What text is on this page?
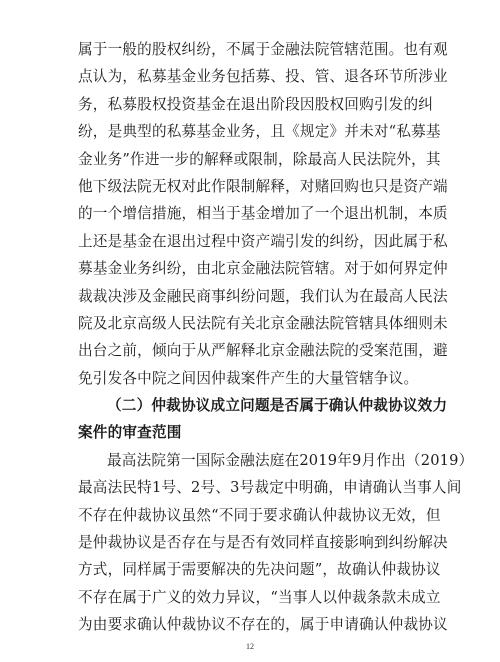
属于一般的股权纠纷，不属于金融法院管辖范围。也有观
点认为，私募基金业务包括募、投、管、退各环节所涉业
务，私募股权投资基金在退出阶段因股权回购引发的纠
纷，是典型的私募基金业务，且《规定》并未对“私募基
金业务”作进一步的解释或限制，除最高人民法院外，其
他下级法院无权对此作限制解释，对赌回购也只是资产端
的一个增信措施，相当于基金增加了一个退出机制，本质
上还是基金在退出过程中资产端引发的纠纷，因此属于私
募基金业务纠纷，由北京金融法院管辖。对于如何界定仲
裁裁决涉及金融民商事纠纷问题，我们认为在最高人民法
院及北京高级人民法院有关北京金融法院管辖具体细则未
出台之前，倾向于从严解释北京金融法院的受案范围，避
免引发各中院之间因仲裁案件产生的大量管辖争议。
（二）仲裁协议成立问题是否属于确认仲裁协议效力
案件的审查范围
最高法院第一国际金融法庭在2019年9月作出（2019）
最高法民特1号、2号、3号裁定中明确，申请确认当事人间
不存在仲裁协议虽然“不同于要求确认仲裁协议无效，但
是仲裁协议是否存在与是否有效同样直接影响到纠纷解决
方式，同样属于需要解决的先决问题”，故确认仲裁协议
不存在属于广义的效力异议，“当事人以仲裁条款未成立
为由要求确认仲裁协议不存在的，属于申请确认仲裁协议
12
